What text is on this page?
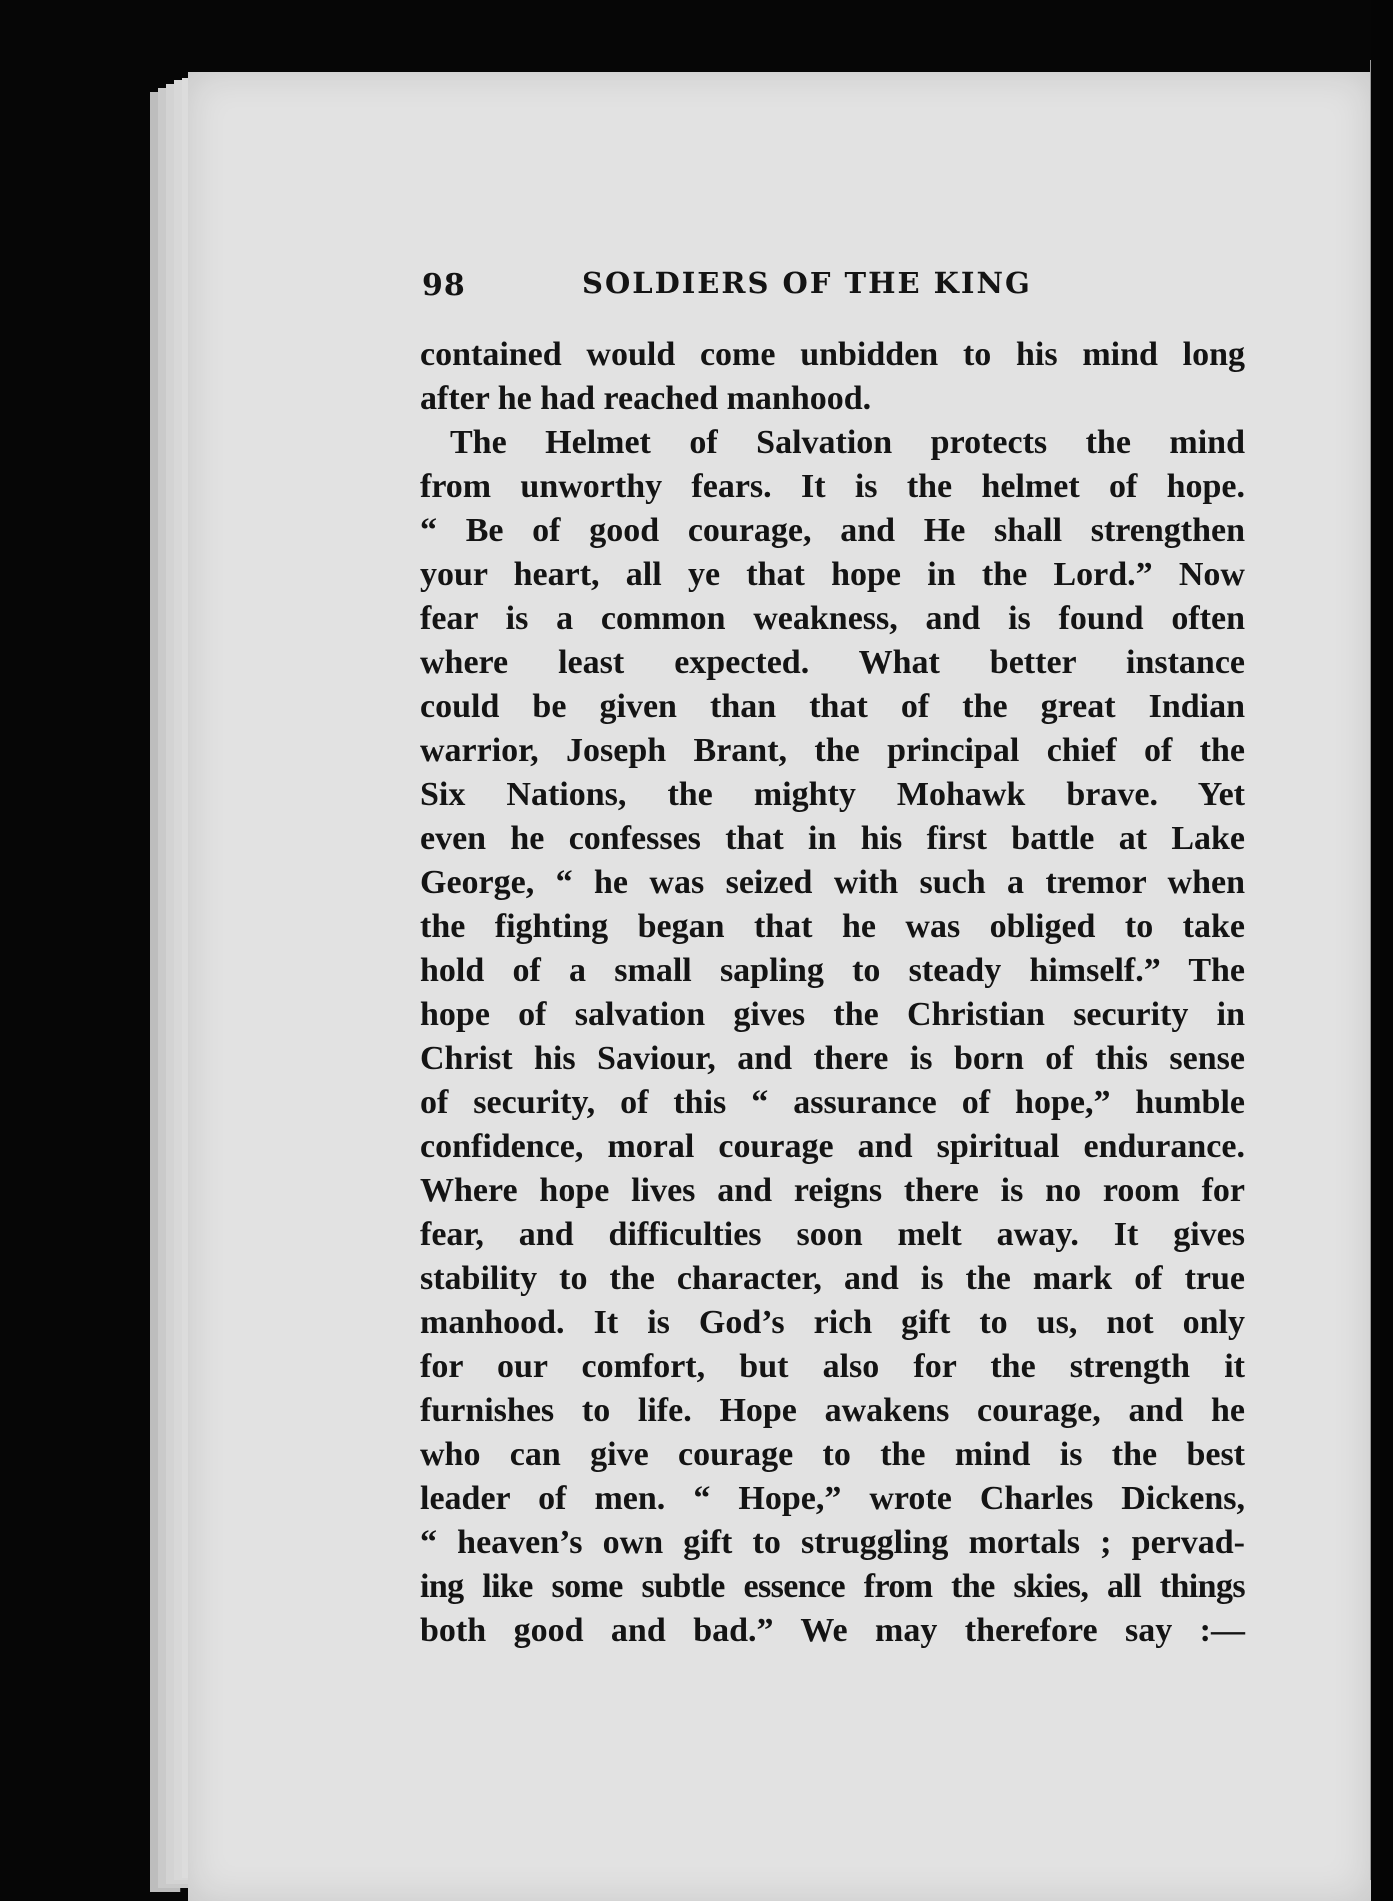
98	SOLDIERS OF THE KING
contained would come unbidden to his mind long
after he had reached manhood.
The Helmet of Salvation protects the mind
from unworthy fears. It is the helmet of hope.
“ Be of good courage, and He shall strengthen
your heart, all ye that hope in the Lord.” Now
fear is a common weakness, and is found often
where least expected. What better instance
could be given than that of the great Indian
warrior, Joseph Brant, the principal chief of the
Six Nations, the mighty Mohawk brave. Yet
even he confesses that in his first battle at Lake
George, “ he was seized with such a tremor when
the fighting began that he was obliged to take
hold of a small sapling to steady himself.” The
hope of salvation gives the Christian security in
Christ his Saviour, and there is born of this sense
of security, of this “ assurance of hope,” humble
confidence, moral courage and spiritual endurance.
Where hope lives and reigns there is no room for
fear, and difficulties soon melt away. It gives
stability to the character, and is the mark of true
manhood. It is God’s rich gift to us, not only
for our comfort, but also for the strength it
furnishes to life. Hope awakens courage, and he
who can give courage to the mind is the best
leader of men. “ Hope,” wrote Charles Dickens,
“ heaven’s own gift to struggling mortals ; pervad-
ing like some subtle essence from the skies, all things
both good and bad.” We may therefore say :—
